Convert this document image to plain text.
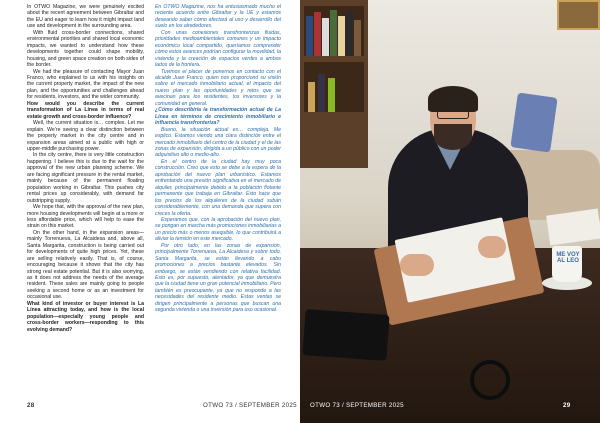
In OTWO Magazine, we were genuinely excited about the recent agreement between Gibraltar and the EU and eager to learn how it might impact land use and development in the surrounding area.

With fluid cross-border connections, shared environmental priorities and shared local economic impacts, we wanted to understand how these developments together could shape mobility, housing, and green space creation on both sides of the border.

We had the pleasure of contacting Mayor Juan Franco, who explained to us with his insights on the current property market, the impact of the new plan, and the opportunities and challenges ahead for residents, investors, and the wider community.

How would you describe the current transformation of La Línea in terms of real estate growth and cross-border influence?

Well, the current situation is… complex. Let me explain. We’re seeing a clear distinction between the property market in the city centre and in expansion areas aimed at a public with high or upper-middle purchasing power.

In the city centre, there is very little construction happening. I believe this is due to the wait for the approval of the new urban planning scheme. We are facing significant pressure in the rental market, mainly because of the permanent floating population working in Gibraltar. This pushes city rental prices up considerably, with demand far outstripping supply.

We hope that, with the approval of the new plan, more housing developments will begin at a more or less affordable price, which will help to ease the strain on this market.

On the other hand, in the expansion areas—mainly Torrenueva, La Alcaidesa and, above all, Santa Margarita, construction is being carried out for developments of quite high prices. Yet, these are selling relatively easily. That is, of course, encouraging because it shows that the city has strong real estate potential. But it is also worrying, as it does not address the needs of the average resident. These sales are mainly going to people seeking a second home or as an investment for occasional use.

What kind of investor or buyer interest is La Línea attracting today, and how is the local population—especially young people and cross-border workers—responding to this evolving demand?

En OTWO Magazine, nos ha entusiasmado mucho el reciente acuerdo entre Gibraltar y la UE y estamos deseando saber cómo afectará al uso y desarrollo del suelo en los alrededores.

Con unas conexiones transfronterizas fluidas, prioridades medioambientales comunes y un impacto económico local compartido, queríamos comprender cómo estos avances podrían configurar la movilidad, la vivienda y la creación de espacios verdes a ambos lados de la frontera.

Tuvimos el placer de ponernos en contacto con el alcalde Juan Franco, quien nos proporcionó su visión sobre el mercado inmobiliario actual, el impacto del nuevo plan y las oportunidades y retos que se avecinan para los residentes, los inversores y la comunidad en general.

¿Cómo describiría la transformación actual de La Línea en términos de crecimiento inmobiliario e influencia transfronteriza?

Bueno, la situación actual es… compleja. Me explico. Estamos viendo una clara distinción entre el mercado inmobiliario del centro de la ciudad y el de las zonas de expansión, dirigida a un público con un poder adquisitivo alto o medio-alto.

En el centro de la ciudad hay muy poca construcción. Creo que esto se debe a la espera de la aprobación del nuevo plan urbanístico. Estamos enfrentando una presión significativa en el mercado de alquiler, principalmente debido a la población flotante permanente que trabaja en Gibraltar. Esto hace que los precios de los alquileres de la ciudad suban considerablemente, con una demanda que supera con creces la oferta.

Esperamos que, con la aprobación del nuevo plan, se pongan en marcha más promociones inmobiliarias a un precio más o menos asequible, lo que contribuirá a aliviar la tensión en este mercado.

Por otro lado, en las zonas de expansión, principalmente Torrenueva, La Alcaidesa y sobre todo, Santa Margarita, se están llevando a cabo promociones a precios bastante elevados. Sin embargo, se están vendiendo con relativa facilidad. Esto es, por supuesto, alentador, ya que demuestra que la ciudad tiene un gran potencial inmobiliario. Pero también es preocupante, ya que no responde a las necesidades del residente medio. Estas ventas se dirigen principalmente a personas que buscan una segunda vivienda o una inversión para uso ocasional.

28	OTWO 73 / SEPTEMBER 2025
ME VOY AL LEO
OTWO 73 / SEPTEMBER 2025	29
